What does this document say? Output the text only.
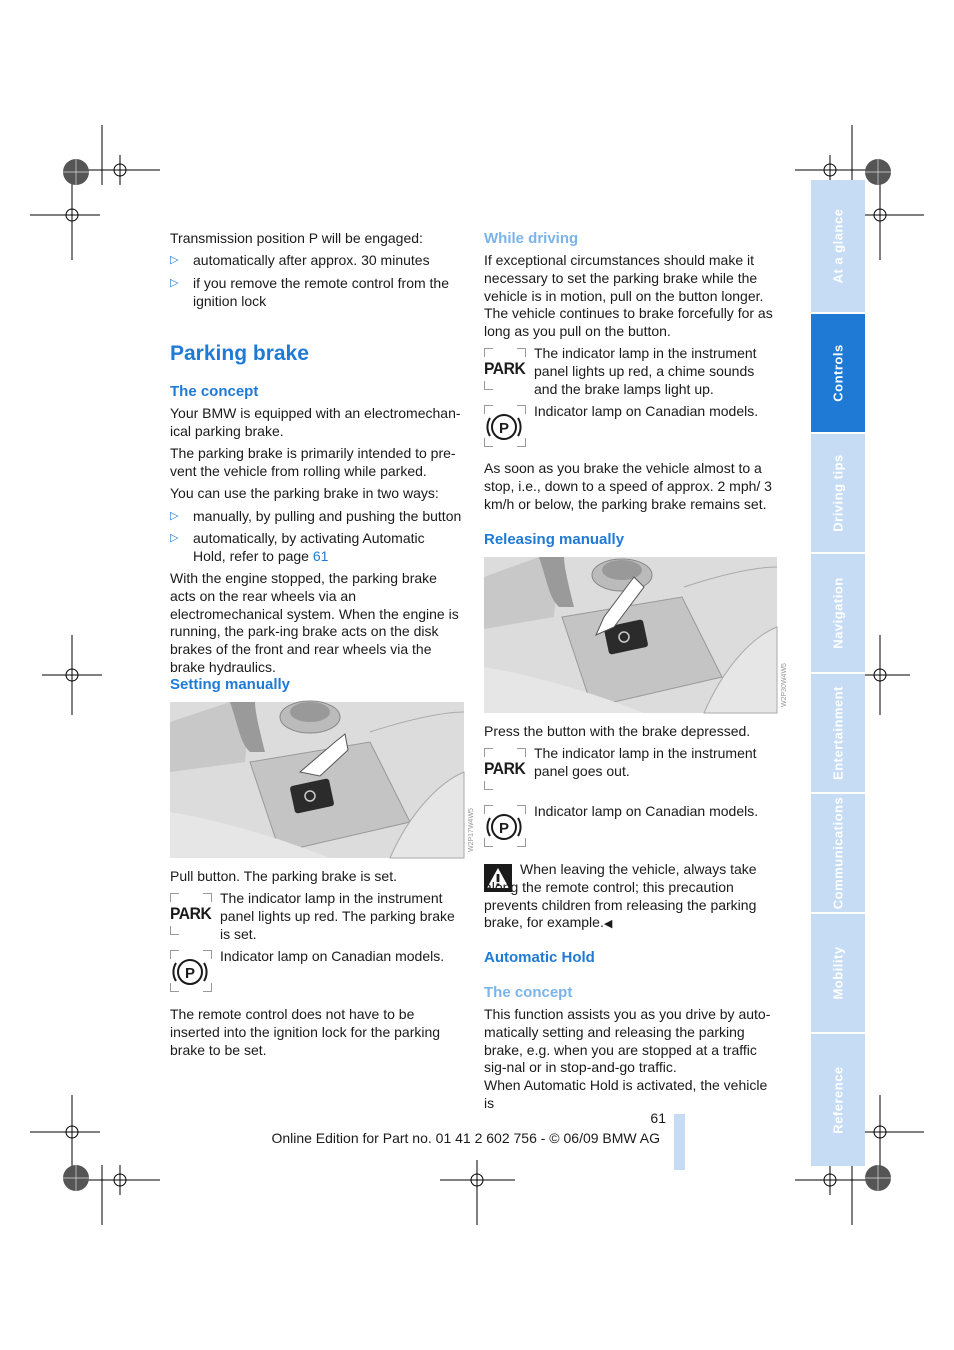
Transmission position P will be engaged:
▷ automatically after approx. 30 minutes
▷ if you remove the remote control from the ignition lock
Parking brake
The concept
Your BMW is equipped with an electromechan-ical parking brake.
The parking brake is primarily intended to pre-vent the vehicle from rolling while parked.
You can use the parking brake in two ways:
▷ manually, by pulling and pushing the button
▷ automatically, by activating Automatic Hold, refer to page 61
With the engine stopped, the parking brake acts on the rear wheels via an electromechanical system. When the engine is running, the park-ing brake acts on the disk brakes of the front and rear wheels via the brake hydraulics.
Setting manually
W2P17W4W5
Pull button. The parking brake is set.
PARK
The indicator lamp in the instrument panel lights up red. The parking brake is set.
P
Indicator lamp on Canadian models.
The remote control does not have to be inserted into the ignition lock for the parking brake to be set.
While driving
If exceptional circumstances should make it necessary to set the parking brake while the vehicle is in motion, pull on the button longer. The vehicle continues to brake forcefully for as long as you pull on the button.
PARK
The indicator lamp in the instrument panel lights up red, a chime sounds and the brake lamps light up.
P
Indicator lamp on Canadian models.
As soon as you brake the vehicle almost to a stop, i.e., down to a speed of approx. 2 mph/ 3 km/h or below, the parking brake remains set.
Releasing manually
W2P30W4W5
Press the button with the brake depressed.
PARK
The indicator lamp in the instrument panel goes out.
P
Indicator lamp on Canadian models.
When leaving the vehicle, always take along the remote control; this precaution prevents children from releasing the parking brake, for example.◀
Automatic Hold
The concept
This function assists you as you drive by auto-matically setting and releasing the parking brake, e.g. when you are stopped at a traffic sig-nal or in stop-and-go traffic.
When Automatic Hold is activated, the vehicle is
At a glance
Controls
Driving tips
Navigation
Entertainment
Communications
Mobility
Reference
61
Online Edition for Part no. 01 41 2 602 756 - © 06/09 BMW AG
